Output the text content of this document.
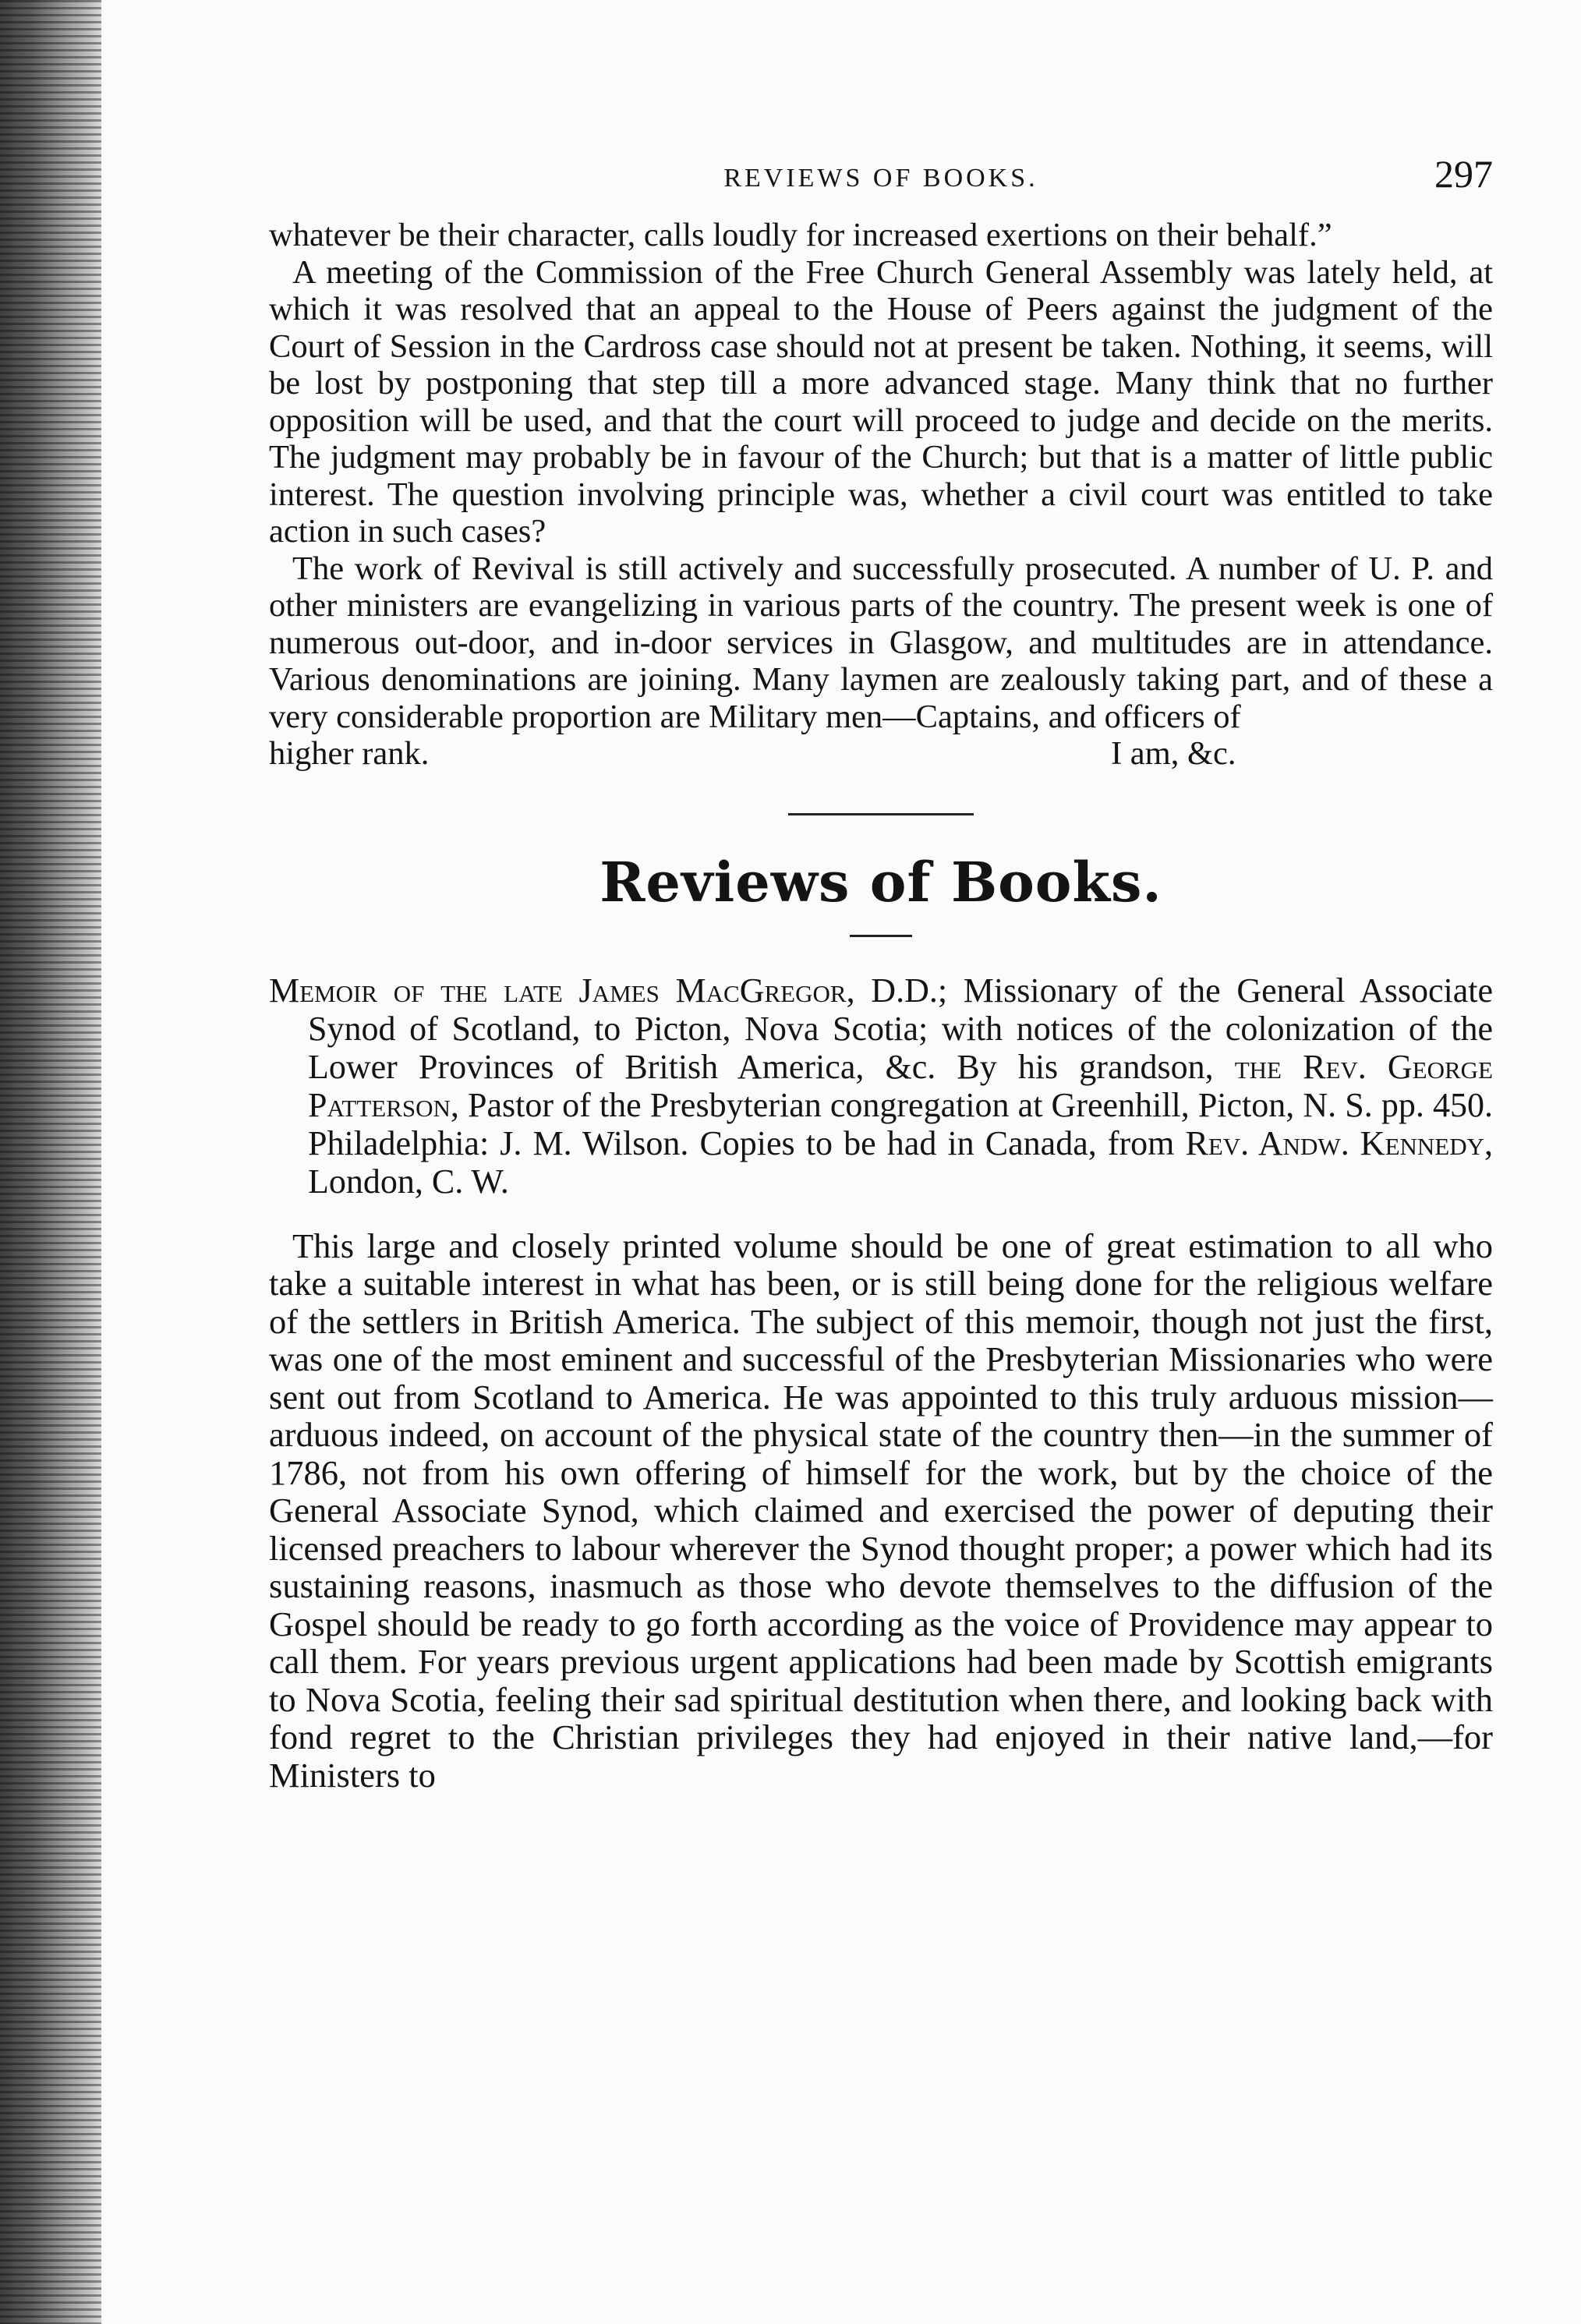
REVIEWS OF BOOKS.	297

whatever be their character, calls loudly for increased exertions on their behalf.”

A meeting of the Commission of the Free Church General Assembly was lately held, at which it was resolved that an appeal to the House of Peers against the judgment of the Court of Session in the Cardross case should not at present be taken. Nothing, it seems, will be lost by postponing that step till a more advanced stage. Many think that no further opposition will be used, and that the court will proceed to judge and decide on the merits. The judgment may probably be in favour of the Church; but that is a matter of little public interest. The question involving principle was, whether a civil court was entitled to take action in such cases?

The work of Revival is still actively and successfully prosecuted. A number of U. P. and other ministers are evangelizing in various parts of the country. The present week is one of numerous out-door, and in-door services in Glasgow, and multitudes are in attendance. Various denominations are joining. Many laymen are zealously taking part, and of these a very considerable proportion are Military men—Captains, and officers of

higher rank.	I am, &c.

Reviews of Books.
Memoir of the late James MacGregor, D.D.; Missionary of the General Associate Synod of Scotland, to Picton, Nova Scotia; with notices of the colonization of the Lower Provinces of British America, &c. By his grandson, the Rev. George Patterson, Pastor of the Presbyterian congregation at Greenhill, Picton, N. S. pp. 450. Philadelphia: J. M. Wilson. Copies to be had in Canada, from Rev. Andw. Kennedy, London, C. W.

This large and closely printed volume should be one of great estimation to all who take a suitable interest in what has been, or is still being done for the religious welfare of the settlers in British America. The subject of this memoir, though not just the first, was one of the most eminent and successful of the Presbyterian Missionaries who were sent out from Scotland to America. He was appointed to this truly arduous mission—arduous indeed, on account of the physical state of the country then—in the summer of 1786, not from his own offering of himself for the work, but by the choice of the General Associate Synod, which claimed and exercised the power of deputing their licensed preachers to labour wherever the Synod thought proper; a power which had its sustaining reasons, inasmuch as those who devote themselves to the diffusion of the Gospel should be ready to go forth according as the voice of Providence may appear to call them. For years previous urgent applications had been made by Scottish emigrants to Nova Scotia, feeling their sad spiritual destitution when there, and looking back with fond regret to the Christian privileges they had enjoyed in their native land,—for Ministers to
